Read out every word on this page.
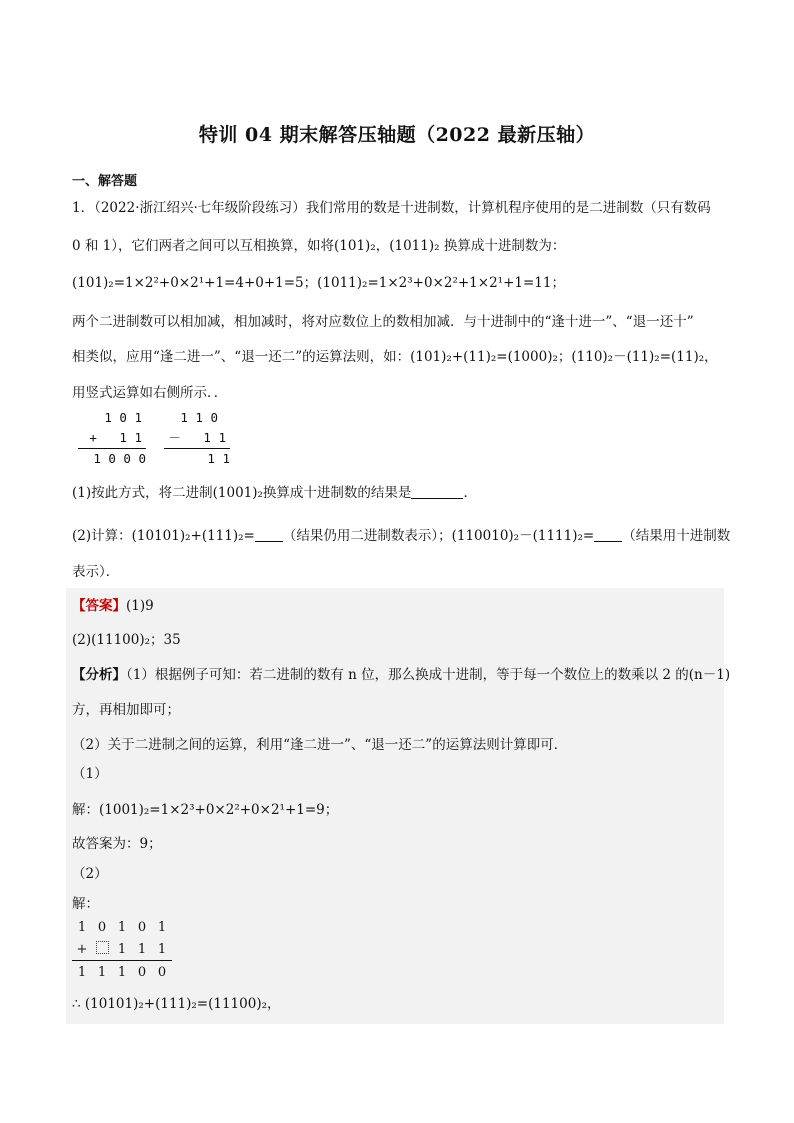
特训 04 期末解答压轴题（2022 最新压轴）
一、解答题
1．（2022·浙江绍兴·七年级阶段练习）我们常用的数是十进制数，计算机程序使用的是二进制数（只有数码
0 和 1），它们两者之间可以互相换算，如将(101)₂，(1011)₂ 换算成十进制数为：
(101)₂=1×2²+0×2¹+1=4+0+1=5；(1011)₂=1×2³+0×2²+1×2¹+1=11；
两个二进制数可以相加减，相加减时，将对应数位上的数相加减．与十进制中的“逢十进一”、“退一还十”
相类似，应用“逢二进一”、“退一还二”的运算法则，如：(101)₂+(11)₂=(1000)₂；(110)₂－(11)₂=(11)₂，
用竖式运算如右侧所示．．
1 0 1
+   1 1
1 0 0 0
1 1 0
－   1 1
1 1
(1)按此方式，将二进制(1001)₂换算成十进制数的结果是	．
(2)计算：(10101)₂+(111)₂= （结果仍用二进制数表示）；(110010)₂－(1111)₂= （结果用十进制数
表示）．
【答案】(1)9
(2)(11100)₂；35
【分析】（1）根据例子可知：若二进制的数有 n 位，那么换成十进制，等于每一个数位上的数乘以 2 的(n－1)
方，再相加即可；
（2）关于二进制之间的运算，利用“逢二进一”、“退一还二”的运算法则计算即可．
（1）
解：(1001)₂=1×2³+0×2²+0×2¹+1=9；
故答案为：9；
（2）
解：
1	0	1	0	1
+		1	1	1
1	1	1	0	0
∴ (10101)₂+(111)₂=(11100)₂，
